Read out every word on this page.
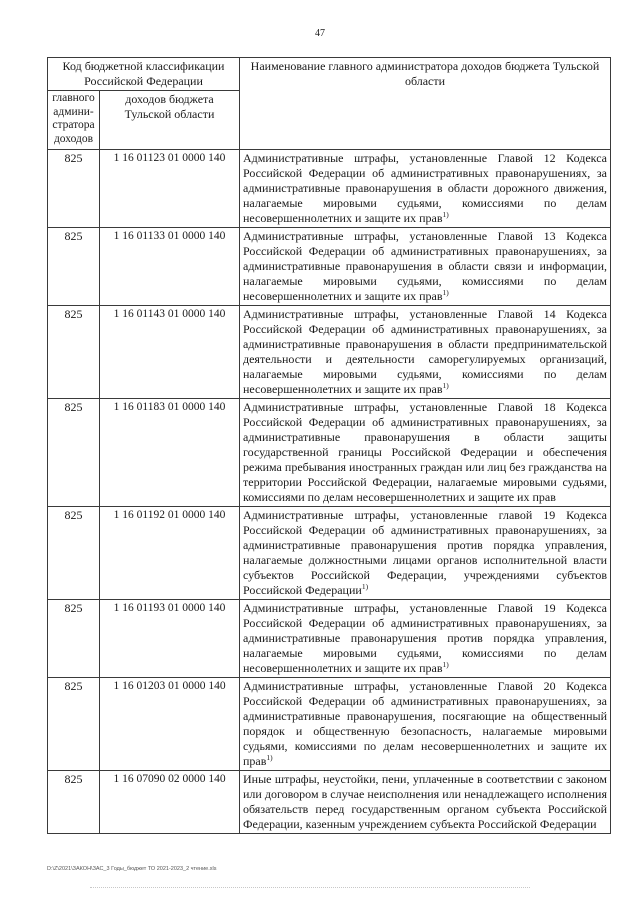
47
Код бюджетной классификации Российской Федерации		Наименование главного администратора доходов бюджета Тульской области
главного админи-стратора доходов	доходов бюджета Тульской области	
825	1 16 01123 01 0000 140	Административные штрафы, установленные Главой 12 Кодекса Российской Федерации об административных правонарушениях, за административные правонарушения в области дорожного движения, налагаемые мировыми судьями, комиссиями по делам несовершеннолетних и защите их прав$^{1)}$
825	1 16 01133 01 0000 140	Административные штрафы, установленные Главой 13 Кодекса Российской Федерации об административных правонарушениях, за административные правонарушения в области связи и информации, налагаемые мировыми судьями, комиссиями по делам несовершеннолетних и защите их прав$^{1)}$
825	1 16 01143 01 0000 140	Административные штрафы, установленные Главой 14 Кодекса Российской Федерации об административных правонарушениях, за административные правонарушения в области предпринимательской деятельности и деятельности саморегулируемых организаций, налагаемые мировыми судьями, комиссиями по делам несовершеннолетних и защите их прав$^{1)}$
825	1 16 01183 01 0000 140	Административные штрафы, установленные Главой 18 Кодекса Российской Федерации об административных правонарушениях, за административные правонарушения в области защиты государственной границы Российской Федерации и обеспечения режима пребывания иностранных граждан или лиц без гражданства на территории Российской Федерации, налагаемые мировыми судьями, комиссиями по делам несовершеннолетних и защите их прав
825	1 16 01192 01 0000 140	Административные штрафы, установленные главой 19 Кодекса Российской Федерации об административных правонарушениях, за административные правонарушения против порядка управления, налагаемые должностными лицами органов исполнительной власти субъектов Российской Федерации, учреждениями субъектов Российской Федерации$^{1)}$
825	1 16 01193 01 0000 140	Административные штрафы, установленные Главой 19 Кодекса Российской Федерации об административных правонарушениях, за административные правонарушения против порядка управления, налагаемые мировыми судьями, комиссиями по делам несовершеннолетних и защите их прав$^{1)}$
825	1 16 01203 01 0000 140	Административные штрафы, установленные Главой 20 Кодекса Российской Федерации об административных правонарушениях, за административные правонарушения, посягающие на общественный порядок и общественную безопасность, налагаемые мировыми судьями, комиссиями по делам несовершеннолетних и защите их прав$^{1)}$
825	1 16 07090 02 0000 140	Иные штрафы, неустойки, пени, уплаченные в соответствии с законом или договором в случае неисполнения или ненадлежащего исполнения обязательств перед государственным органом субъекта Российской Федерации, казенным учреждением субъекта Российской Федерации
D:\Z\2021\ЗАКОН\ЗАС_3 Годы_бюджет ТО 2021-2023_2 чтение.xls
